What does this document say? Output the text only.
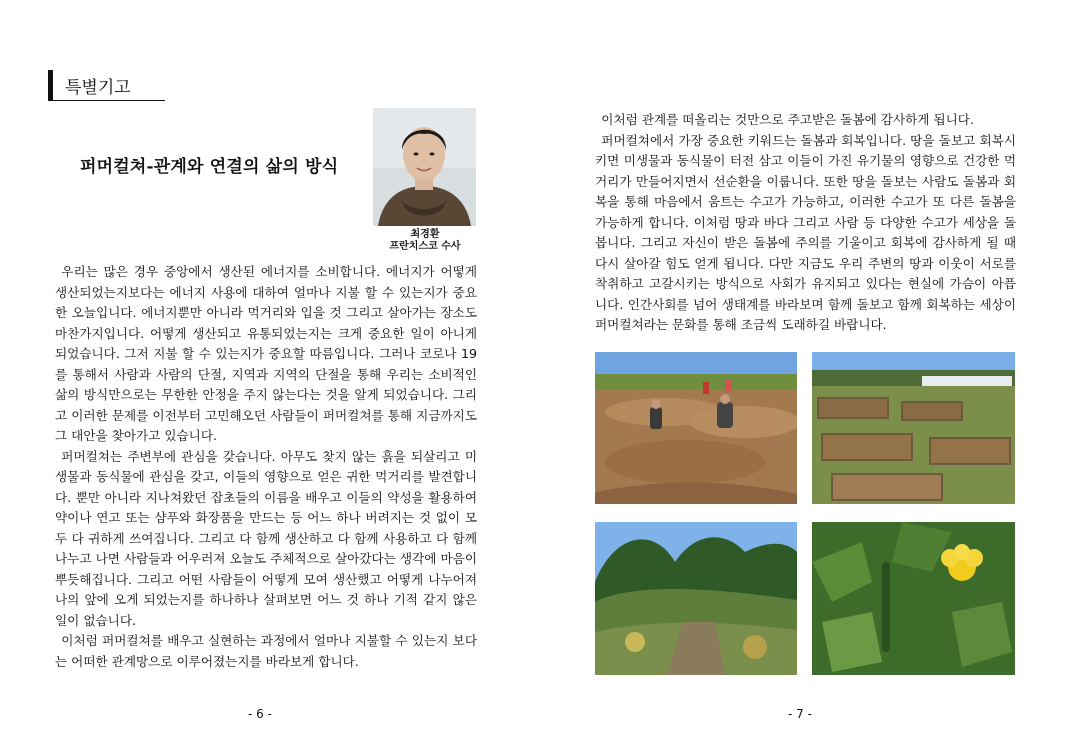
특별기고
퍼머컬쳐-관계와 연결의 삶의 방식
최경환
프란치스코 수사

우리는 많은 경우 중앙에서 생산된 에너지를 소비합니다. 에너지가 어떻게 생산되었는지보다는 에너지 사용에 대하여 얼마나 지불 할 수 있는지가 중요한 오늘입니다. 에너지뿐만 아니라 먹거리와 입을 것 그리고 살아가는 장소도 마찬가지입니다. 어떻게 생산되고 유통되었는지는 크게 중요한 일이 아니게 되었습니다. 그저 지불 할 수 있는지가 중요할 따름입니다. 그러나 코로나 19를 통해서 사람과 사람의 단절, 지역과 지역의 단절을 통해 우리는 소비적인 삶의 방식만으로는 무한한 안정을 주지 않는다는 것을 알게 되었습니다. 그리고 이러한 문제를 이전부터 고민해오던 사람들이 퍼머컬쳐를 통해 지금까지도 그 대안을 찾아가고 있습니다.

퍼머컬쳐는 주변부에 관심을 갖습니다. 아무도 찾지 않는 흙을 되살리고 미생물과 동식물에 관심을 갖고, 이들의 영향으로 얻은 귀한 먹거리를 발견합니다. 뿐만 아니라 지나쳐왔던 잡초들의 이름을 배우고 이들의 약성을 활용하여 약이나 연고 또는 샴푸와 화장품을 만드는 등 어느 하나 버려지는 것 없이 모두 다 귀하게 쓰여집니다. 그리고 다 함께 생산하고 다 함께 사용하고 다 함께 나누고 나면 사람들과 어우러져 오늘도 주체적으로 살아갔다는 생각에 마음이 뿌듯해집니다. 그리고 어떤 사람들이 어떻게 모여 생산했고 어떻게 나누어져 나의 앞에 오게 되었는지를 하나하나 살펴보면 어느 것 하나 기적 같지 않은 일이 없습니다.

이처럼 퍼머컬쳐를 배우고 실현하는 과정에서 얼마나 지불할 수 있는지 보다는 어떠한 관계망으로 이루어졌는지를 바라보게 합니다.

이처럼 관계를 떠올리는 것만으로 주고받은 돌봄에 감사하게 됩니다.

퍼머컬쳐에서 가장 중요한 키워드는 돌봄과 회복입니다. 땅을 돌보고 회복시키면 미생물과 동식물이 터전 삼고 이들이 가진 유기물의 영향으로 건강한 먹거리가 만들어지면서 선순환을 이룹니다. 또한 땅을 돌보는 사람도 돌봄과 회복을 통해 마음에서 움트는 수고가 가능하고, 이러한 수고가 또 다른 돌봄을 가능하게 합니다. 이처럼 땅과 바다 그리고 사람 등 다양한 수고가 세상을 돌봅니다. 그리고 자신이 받은 돌봄에 주의를 기울이고 회복에 감사하게 될 때 다시 살아갈 힘도 얻게 됩니다. 다만 지금도 우리 주변의 땅과 이웃이 서로를 착취하고 고갈시키는 방식으로 사회가 유지되고 있다는 현실에 가슴이 아픕니다. 인간사회를 넘어 생태계를 바라보며 함께 돌보고 함께 회복하는 세상이 퍼머컬쳐라는 문화를 통해 조금씩 도래하길 바랍니다.

- 6 -	- 7 -
